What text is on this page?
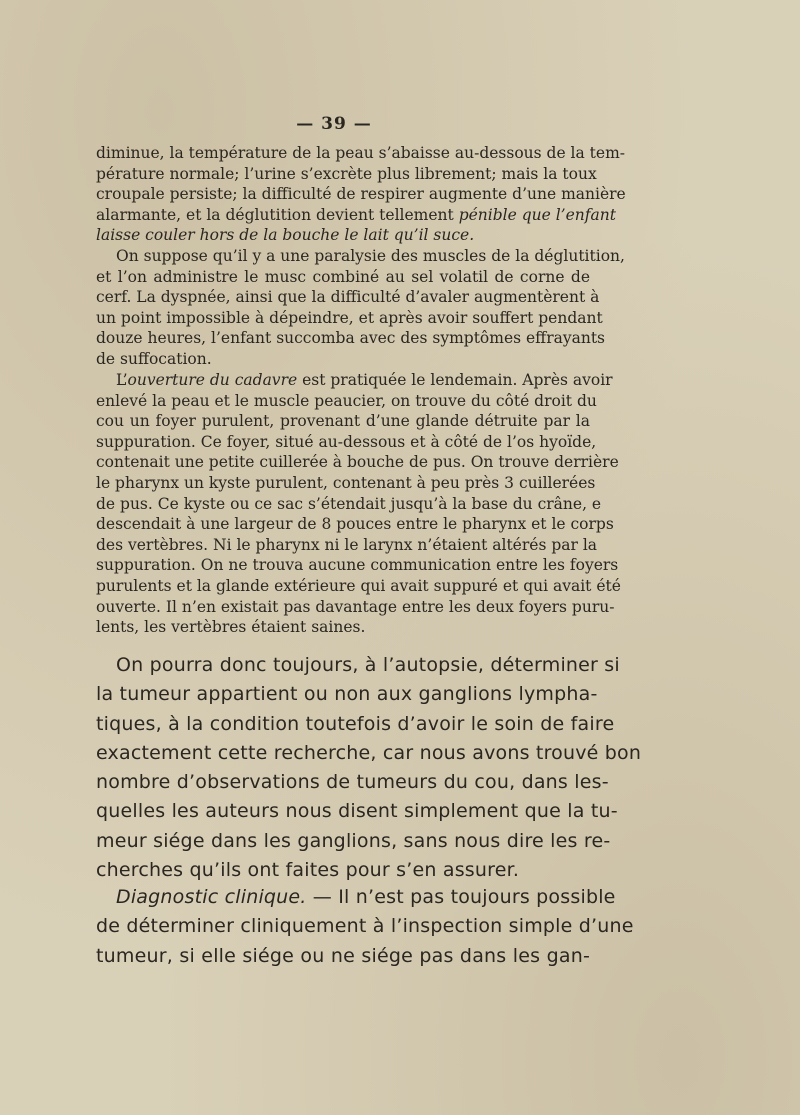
— 39 —
diminue, la température de la peau s’abaisse au-dessous de la tem-
pérature normale; l’urine s’excrète plus librement; mais la toux
croupale persiste; la difficulté de respirer augmente d’une manière
alarmante, et la déglutition devient tellement pénible que l’enfant
laisse couler hors de la bouche le lait qu’il suce.
On suppose qu’il y a une paralysie des muscles de la déglutition,
et l’on administre le musc combiné au sel volatil de corne de
cerf. La dyspnée, ainsi que la difficulté d’avaler augmentèrent à
un point impossible à dépeindre, et après avoir souffert pendant
douze heures, l’enfant succomba avec des symptômes effrayants
de suffocation.
L’ouverture du cadavre est pratiquée le lendemain. Après avoir
enlevé la peau et le muscle peaucier, on trouve du côté droit du
cou un foyer purulent, provenant d’une glande détruite par la
suppuration. Ce foyer, situé au-dessous et à côté de l’os hyoïde,
contenait une petite cuillerée à bouche de pus. On trouve derrière
le pharynx un kyste purulent, contenant à peu près 3 cuillerées
de pus. Ce kyste ou ce sac s’étendait jusqu’à la base du crâne, e
descendait à une largeur de 8 pouces entre le pharynx et le corps
des vertèbres. Ni le pharynx ni le larynx n’étaient altérés par la
suppuration. On ne trouva aucune communication entre les foyers
purulents et la glande extérieure qui avait suppuré et qui avait été
ouverte. Il n’en existait pas davantage entre les deux foyers puru-
lents, les vertèbres étaient saines.
On pourra donc toujours, à l’autopsie, déterminer si
la tumeur appartient ou non aux ganglions lympha-
tiques, à la condition toutefois d’avoir le soin de faire
exactement cette recherche, car nous avons trouvé bon
nombre d’observations de tumeurs du cou, dans les-
quelles les auteurs nous disent simplement que la tu-
meur siége dans les ganglions, sans nous dire les re-
cherches qu’ils ont faites pour s’en assurer.
Diagnostic clinique. — Il n’est pas toujours possible
de déterminer cliniquement à l’inspection simple d’une
tumeur, si elle siége ou ne siége pas dans les gan-
